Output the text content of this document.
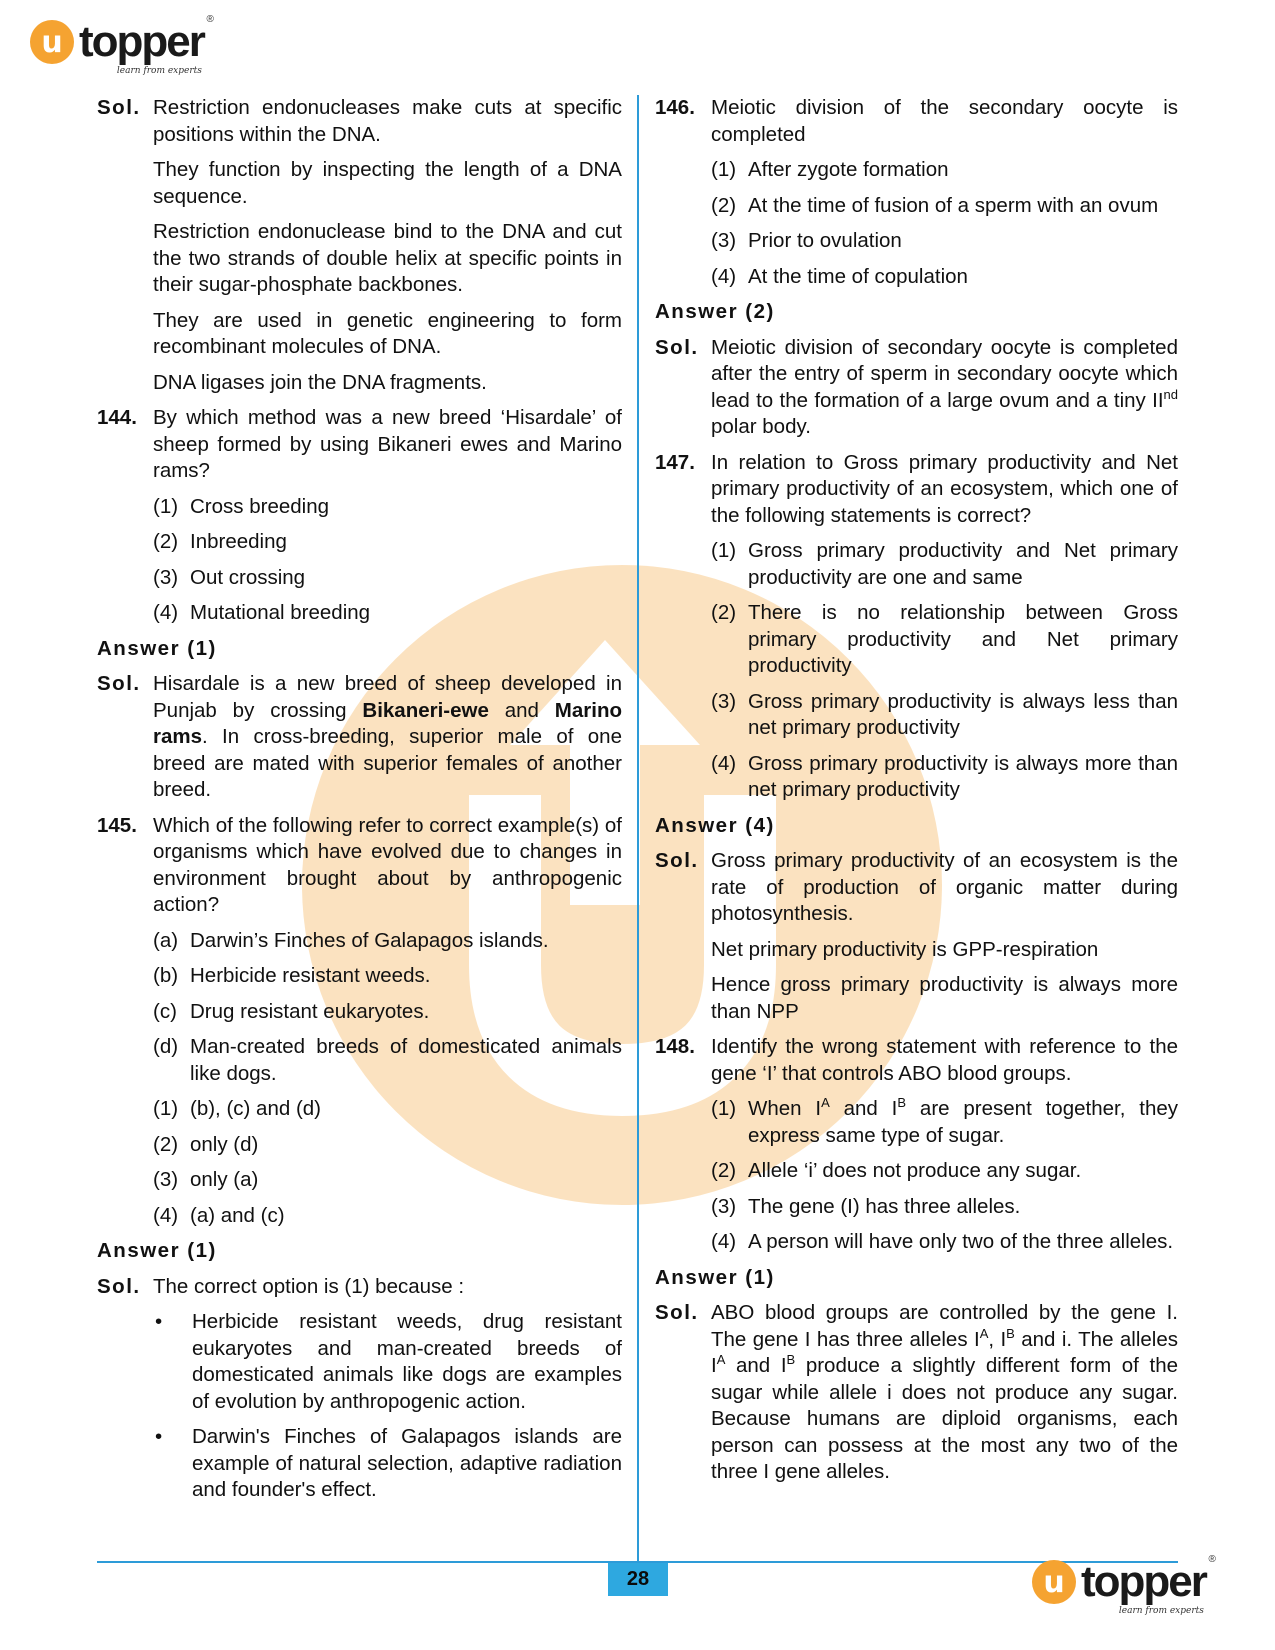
u topper
learn from experts
®
Sol. Restriction endonucleases make cuts at specific positions within the DNA.
They function by inspecting the length of a DNA sequence.
Restriction endonuclease bind to the DNA and cut the two strands of double helix at specific points in their sugar-phosphate backbones.
They are used in genetic engineering to form recombinant molecules of DNA.
DNA ligases join the DNA fragments.
144. By which method was a new breed ‘Hisardale’ of sheep formed by using Bikaneri ewes and Marino rams?
(1) Cross breeding
(2) Inbreeding
(3) Out crossing
(4) Mutational breeding
Answer (1)
Sol. Hisardale is a new breed of sheep developed in Punjab by crossing Bikaneri-ewe and Marino rams. In cross-breeding, superior male of one breed are mated with superior females of another breed.
145. Which of the following refer to correct example(s) of organisms which have evolved due to changes in environment brought about by anthropogenic action?
(a) Darwin’s Finches of Galapagos islands.
(b) Herbicide resistant weeds.
(c) Drug resistant eukaryotes.
(d) Man-created breeds of domesticated animals like dogs.
(1) (b), (c) and (d)
(2) only (d)
(3) only (a)
(4) (a) and (c)
Answer (1)
Sol. The correct option is (1) because :
•	Herbicide resistant weeds, drug resistant eukaryotes and man-created breeds of domesticated animals like dogs are examples of evolution by anthropogenic action.
•	Darwin's Finches of Galapagos islands are example of natural selection, adaptive radiation and founder's effect.
146. Meiotic division of the secondary oocyte is completed
(1) After zygote formation
(2) At the time of fusion of a sperm with an ovum
(3) Prior to ovulation
(4) At the time of copulation
Answer (2)
Sol. Meiotic division of secondary oocyte is completed after the entry of sperm in secondary oocyte which lead to the formation of a large ovum and a tiny IInd polar body.
147. In relation to Gross primary productivity and Net primary productivity of an ecosystem, which one of the following statements is correct?
(1) Gross primary productivity and Net primary productivity are one and same
(2) There is no relationship between Gross primary productivity and Net primary productivity
(3) Gross primary productivity is always less than net primary productivity
(4) Gross primary productivity is always more than net primary productivity
Answer (4)
Sol. Gross primary productivity of an ecosystem is the rate of production of organic matter during photosynthesis.
Net primary productivity is GPP-respiration
Hence gross primary productivity is always more than NPP
148. Identify the wrong statement with reference to the gene ‘I’ that controls ABO blood groups.
(1) When $I^A$ and $I^B$ are present together, they express same type of sugar.
(2) Allele ‘i’ does not produce any sugar.
(3) The gene (I) has three alleles.
(4) A person will have only two of the three alleles.
Answer (1)
Sol. ABO blood groups are controlled by the gene I. The gene I has three alleles $I^A$, $I^B$ and i. The alleles $I^A$ and $I^B$ produce a slightly different form of the sugar while allele i does not produce any sugar. Because humans are diploid organisms, each person can possess at the most any two of the three I gene alleles.
28	u topper
learn from experts
®
